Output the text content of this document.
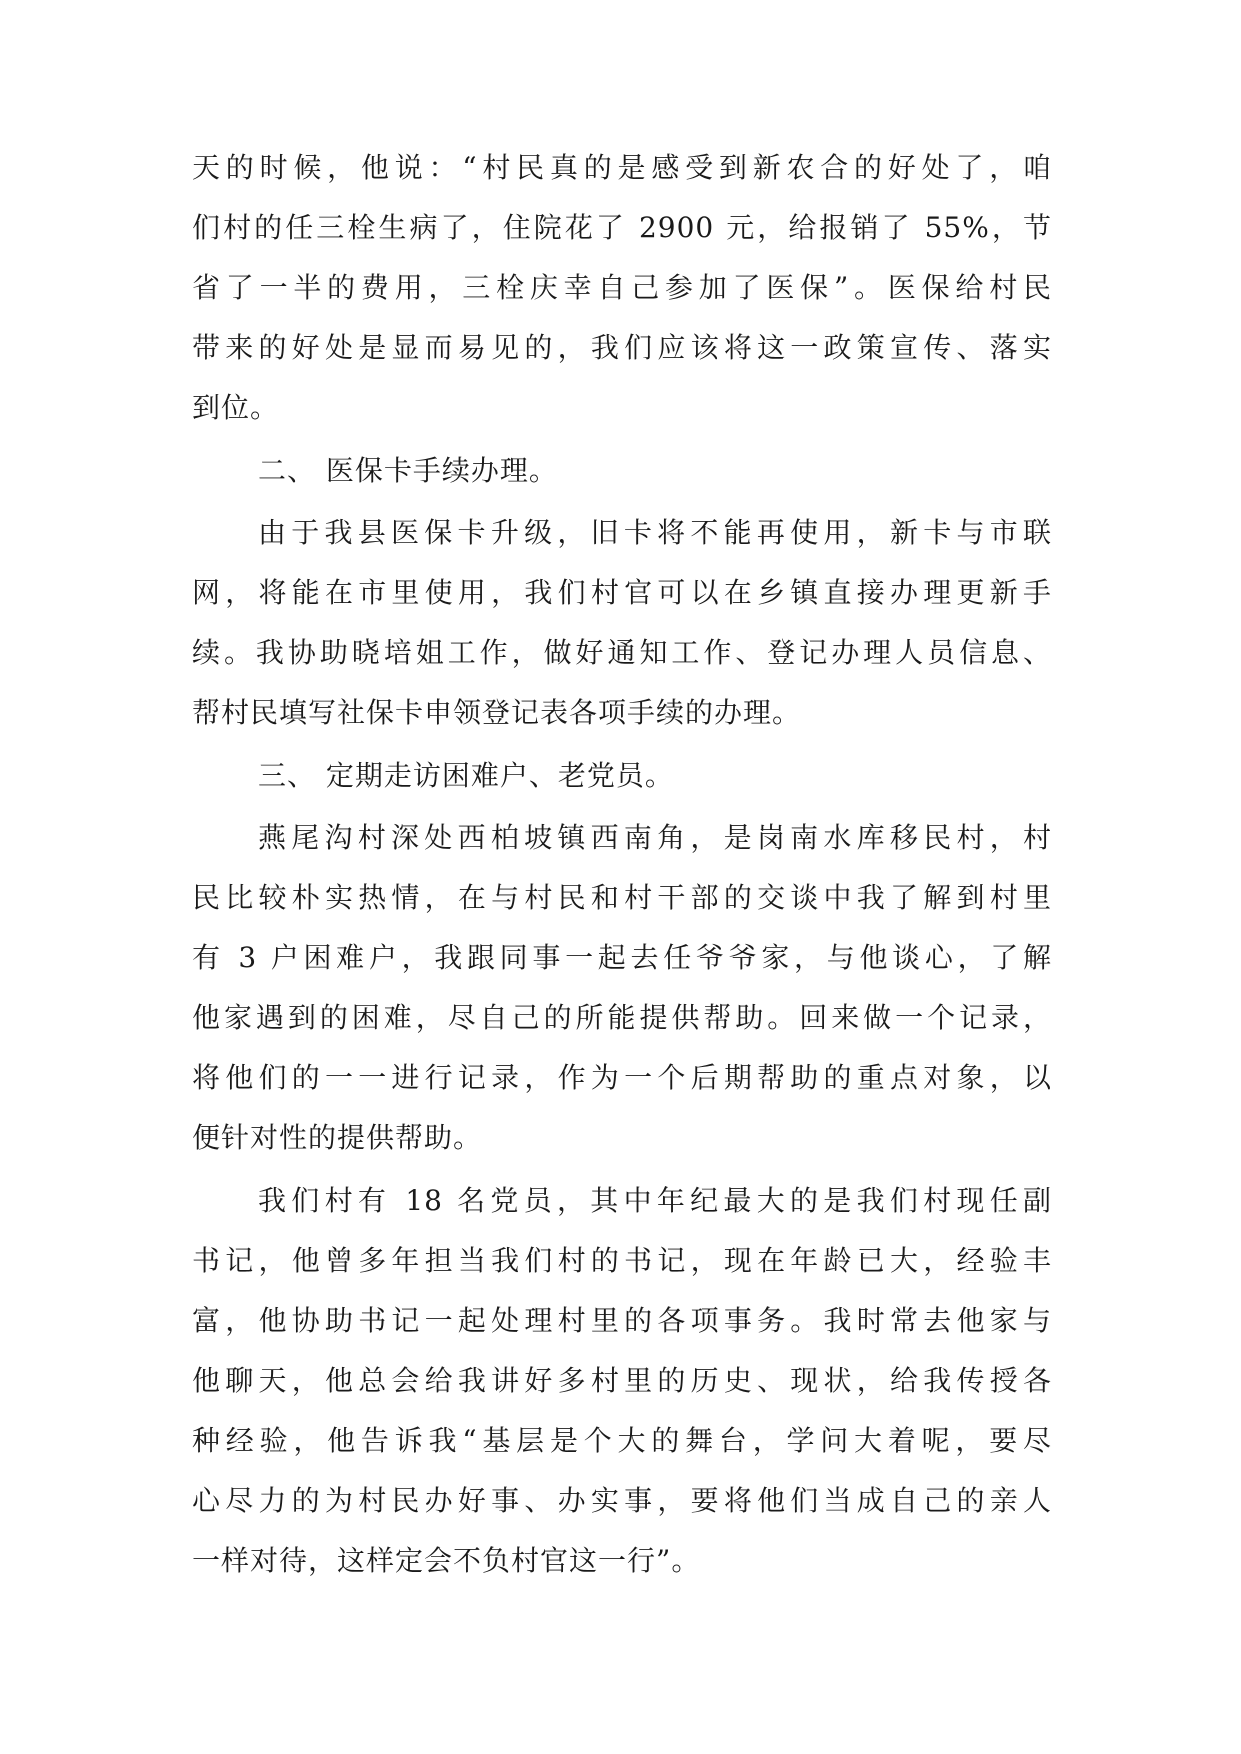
天的时候，他说：“村民真的是感受到新农合的好处了，咱
们村的任三栓生病了，住院花了 2900 元，给报销了 55%，节
省了一半的费用，三栓庆幸自己参加了医保”。医保给村民
带来的好处是显而易见的，我们应该将这一政策宣传、落实
到位。
二、 医保卡手续办理。
由于我县医保卡升级，旧卡将不能再使用，新卡与市联
网，将能在市里使用，我们村官可以在乡镇直接办理更新手
续。我协助晓培姐工作，做好通知工作、登记办理人员信息、
帮村民填写社保卡申领登记表各项手续的办理。
三、 定期走访困难户、老党员。
燕尾沟村深处西柏坡镇西南角，是岗南水库移民村，村
民比较朴实热情，在与村民和村干部的交谈中我了解到村里
有 3 户困难户，我跟同事一起去任爷爷家，与他谈心，了解
他家遇到的困难，尽自己的所能提供帮助。回来做一个记录，
将他们的一一进行记录，作为一个后期帮助的重点对象，以
便针对性的提供帮助。
我们村有 18 名党员，其中年纪最大的是我们村现任副
书记，他曾多年担当我们村的书记，现在年龄已大，经验丰
富，他协助书记一起处理村里的各项事务。我时常去他家与
他聊天，他总会给我讲好多村里的历史、现状，给我传授各
种经验，他告诉我“基层是个大的舞台，学问大着呢，要尽
心尽力的为村民办好事、办实事，要将他们当成自己的亲人
一样对待，这样定会不负村官这一行”。
